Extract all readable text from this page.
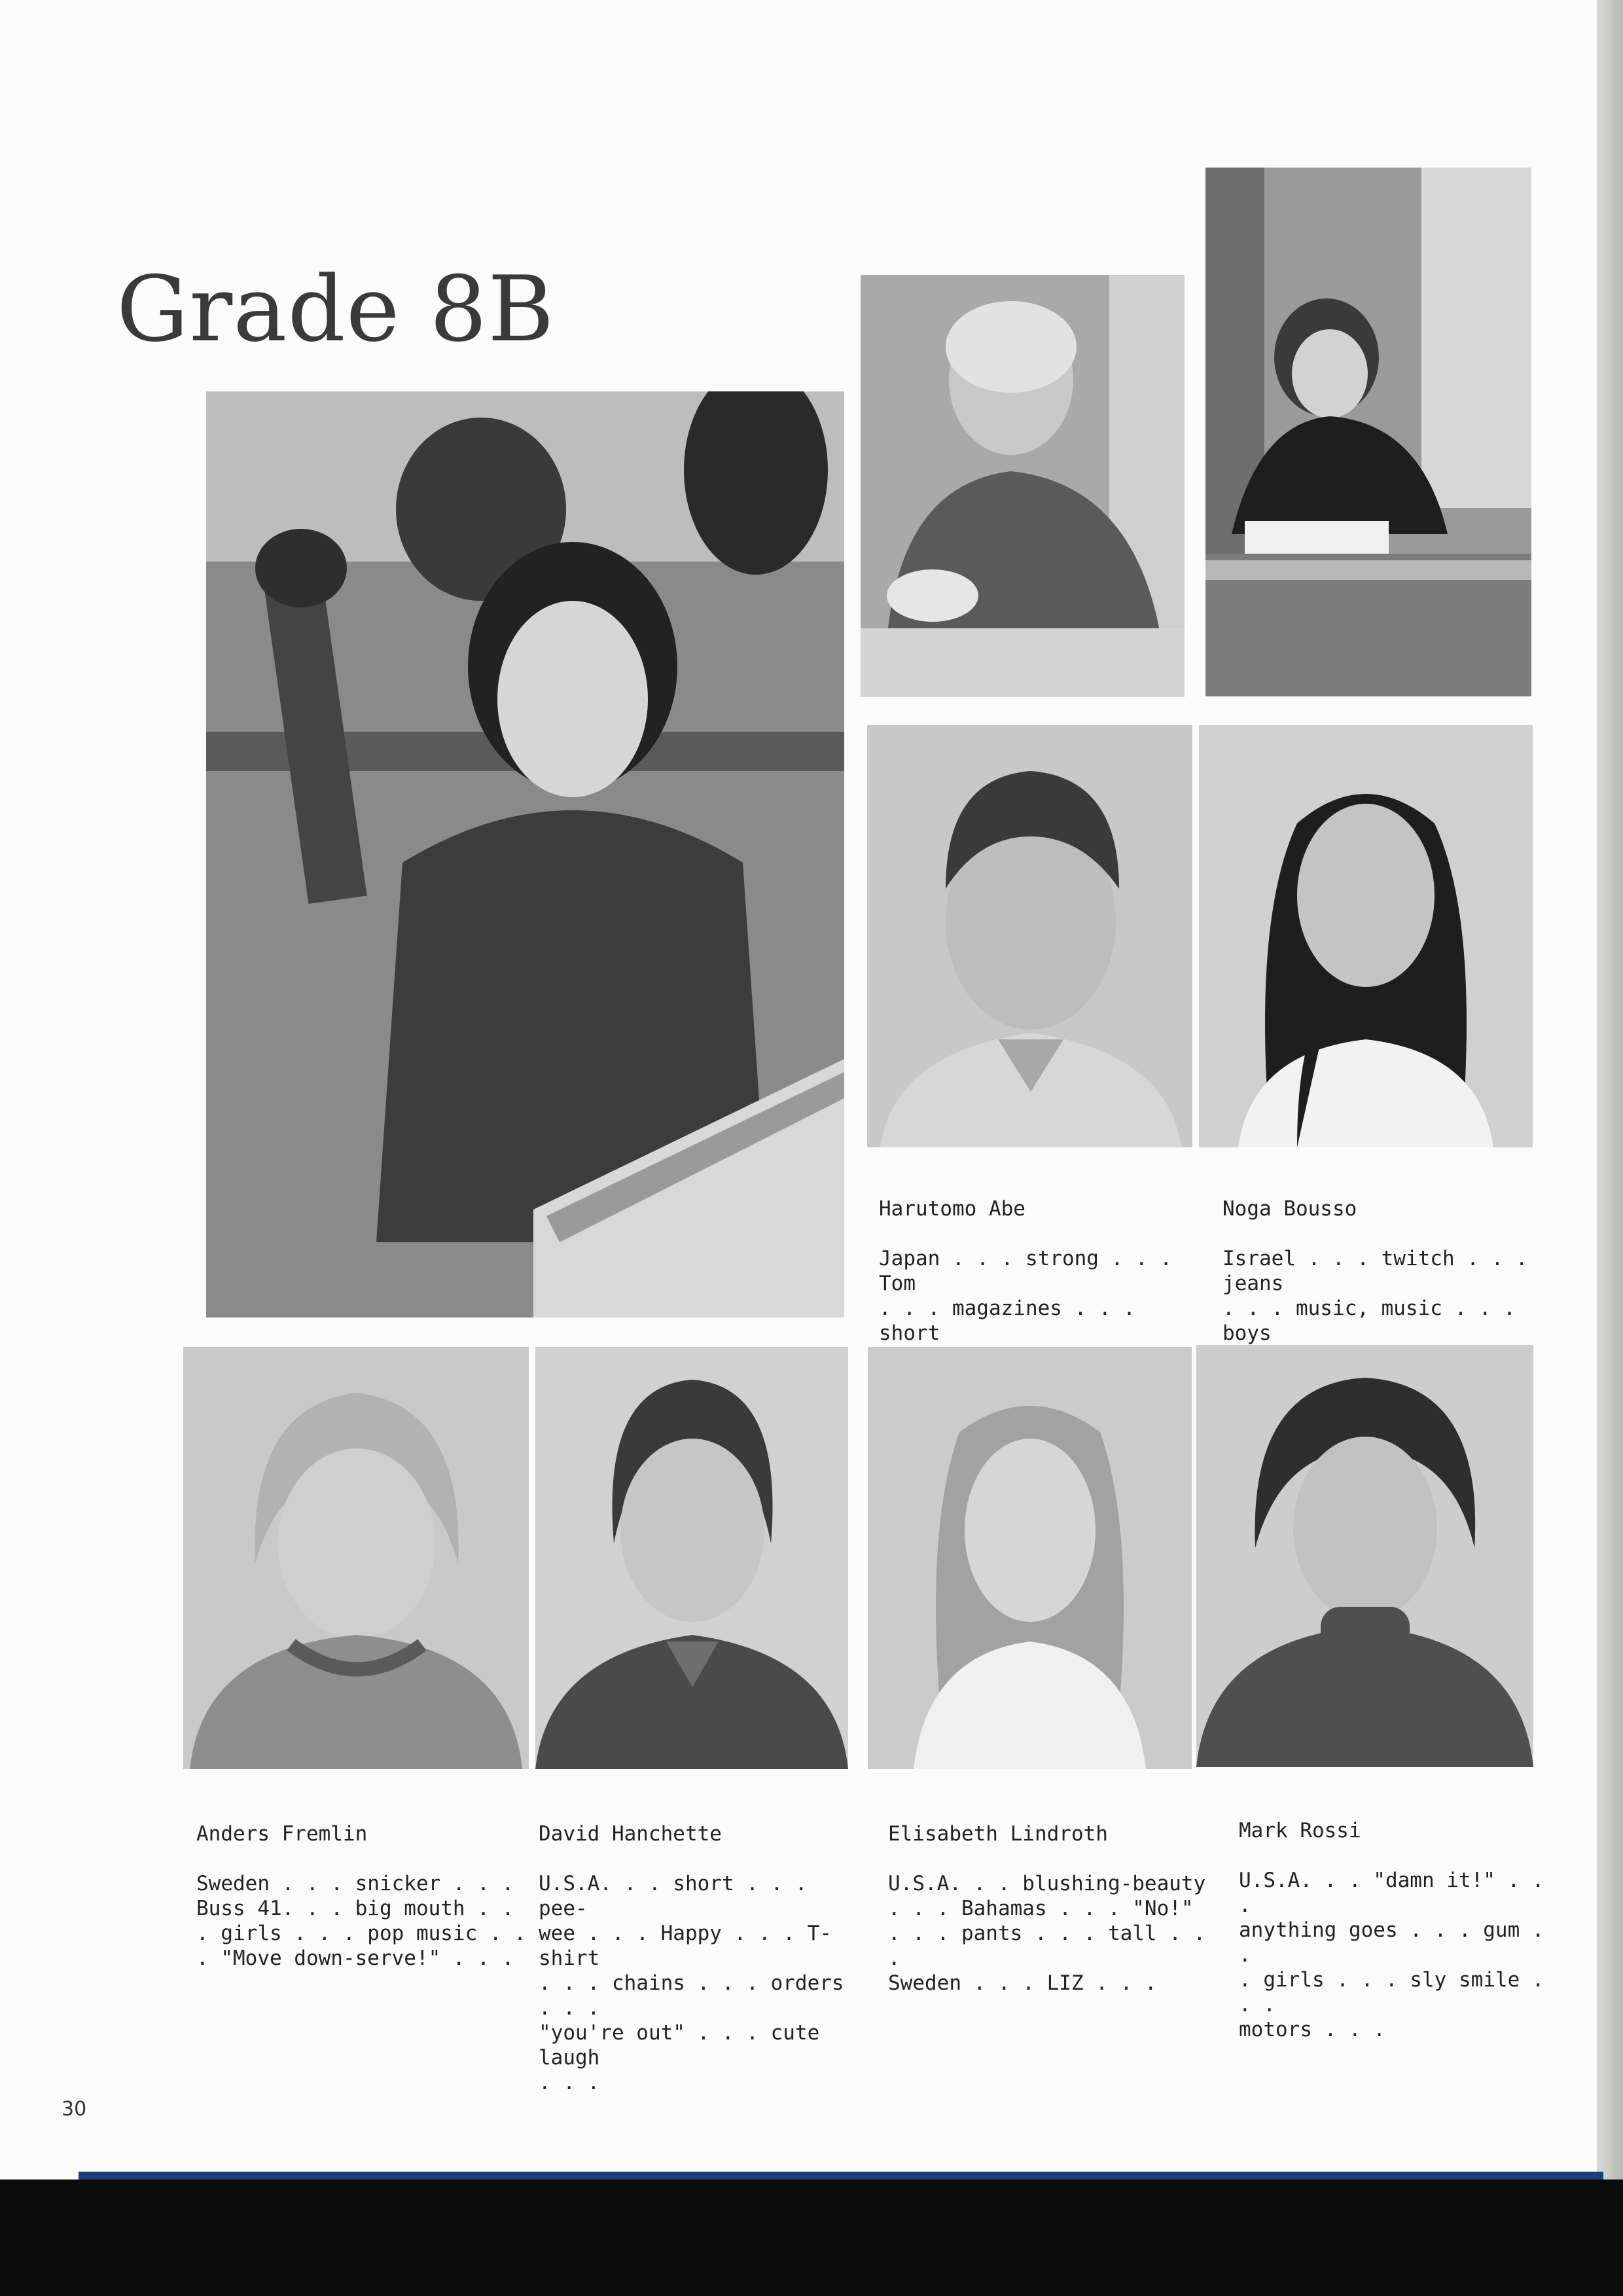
Grade 8B

Harutomo Abe

Japan . . . strong . . . Tom
. . . magazines . . . short

Noga Bousso

Israel . . . twitch . . . jeans
. . . music, music . . . boys

Anders Fremlin

Sweden . . . snicker . . .
Buss 41. . . big mouth . .
. girls . . . pop music . .
. "Move down-serve!" . . .

David Hanchette

U.S.A. . . short . . . pee-
wee . . . Happy . . . T-shirt
. . . chains . . . orders . . .
"you're out" . . . cute laugh
. . .

Elisabeth Lindroth

U.S.A. . . blushing-beauty
. . . Bahamas . . . "No!"
. . . pants . . . tall . . .
Sweden . . . LIZ . . .

Mark Rossi

U.S.A. . . "damn it!" . . .
anything goes . . . gum . .
. girls . . . sly smile . . .
motors . . .

30
